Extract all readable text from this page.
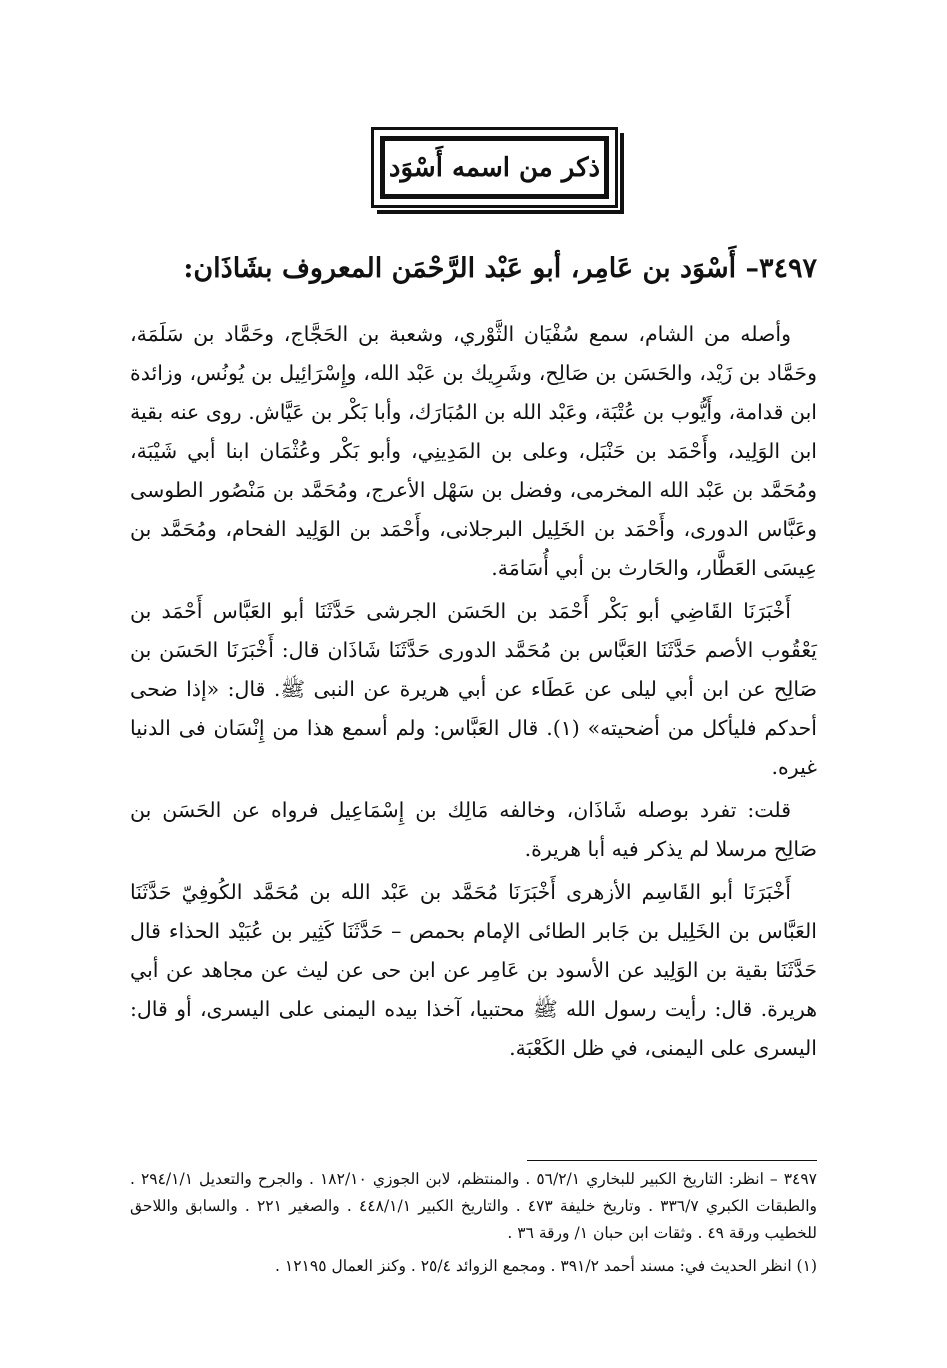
ذكر من اسمه أَسْوَد
٣٤٩٧– أَسْوَد بن عَامِر، أبو عَبْد الرَّحْمَن المعروف بشَاذَان:

وأصله من الشام، سمع سُفْيَان الثَّوْري، وشعبة بن الحَجَّاج، وحَمَّاد بن سَلَمَة، وحَمَّاد بن زَيْد، والحَسَن بن صَالِح، وشَرِيك بن عَبْد الله، وإِسْرَائِيل بن يُونُس، وزائدة ابن قدامة، وأَيُّوب بن عُتْبَة، وعَبْد الله بن المُبَارَك، وأبا بَكْر بن عَيَّاش. روى عنه بقية ابن الوَلِيد، وأَحْمَد بن حَنْبَل، وعلى بن المَدِينِي، وأبو بَكْر وعُثْمَان ابنا أبي شَيْبَة، ومُحَمَّد بن عَبْد الله المخرمى، وفضل بن سَهْل الأعرج، ومُحَمَّد بن مَنْصُور الطوسى وعَبَّاس الدورى، وأَحْمَد بن الخَلِيل البرجلانى، وأَحْمَد بن الوَلِيد الفحام، ومُحَمَّد بن عِيسَى العَطَّار، والحَارث بن أبي أُسَامَة.

أَخْبَرَنَا القَاضِي أبو بَكْر أَحْمَد بن الحَسَن الجرشى حَدَّثَنَا أبو العَبَّاس أَحْمَد بن يَعْقُوب الأصم حَدَّثَنَا العَبَّاس بن مُحَمَّد الدورى حَدَّثَنَا شَاذَان قال: أَخْبَرَنَا الحَسَن بن صَالِح عن ابن أبي ليلى عن عَطَاء عن أبي هريرة عن النبى ﷺ. قال: «إذا ضحى أحدكم فليأكل من أضحيته» (١). قال العَبَّاس: ولم أسمع هذا من إِنْسَان فى الدنيا غيره.

قلت: تفرد بوصله شَاذَان، وخالفه مَالِك بن إِسْمَاعِيل فرواه عن الحَسَن بن صَالِح مرسلا لم يذكر فيه أبا هريرة.

أَخْبَرَنَا أبو القَاسِم الأزهرى أَخْبَرَنَا مُحَمَّد بن عَبْد الله بن مُحَمَّد الكُوفِيّ حَدَّثَنَا العَبَّاس بن الخَلِيل بن جَابر الطائى الإمام بحمص – حَدَّثَنَا كَثِير بن عُبَيْد الحذاء قال حَدَّثَنَا بقية بن الوَلِيد عن الأسود بن عَامِر عن ابن حى عن ليث عن مجاهد عن أبي هريرة. قال: رأيت رسول الله ﷺ محتبيا، آخذا بيده اليمنى على اليسرى، أو قال: اليسرى على اليمنى، في ظل الكَعْبَة.

٣٤٩٧ – انظر: التاريخ الكبير للبخاري ٥٦/٢/١ . والمنتظم، لابن الجوزي ١٨٢/١٠ . والجرح والتعديل ٢٩٤/١/١ . والطبقات الكبري ٣٣٦/٧ . وتاريخ خليفة ٤٧٣ . والتاريخ الكبير ٤٤٨/١/١ . والصغير ٢٢١ . والسابق واللاحق للخطيب ورقة ٤٩ . وثقات ابن حبان ١/ ورقة ٣٦ .

(١) انظر الحديث في: مسند أحمد ٣٩١/٢ . ومجمع الزوائد ٢٥/٤ . وكنز العمال ١٢١٩٥ .
